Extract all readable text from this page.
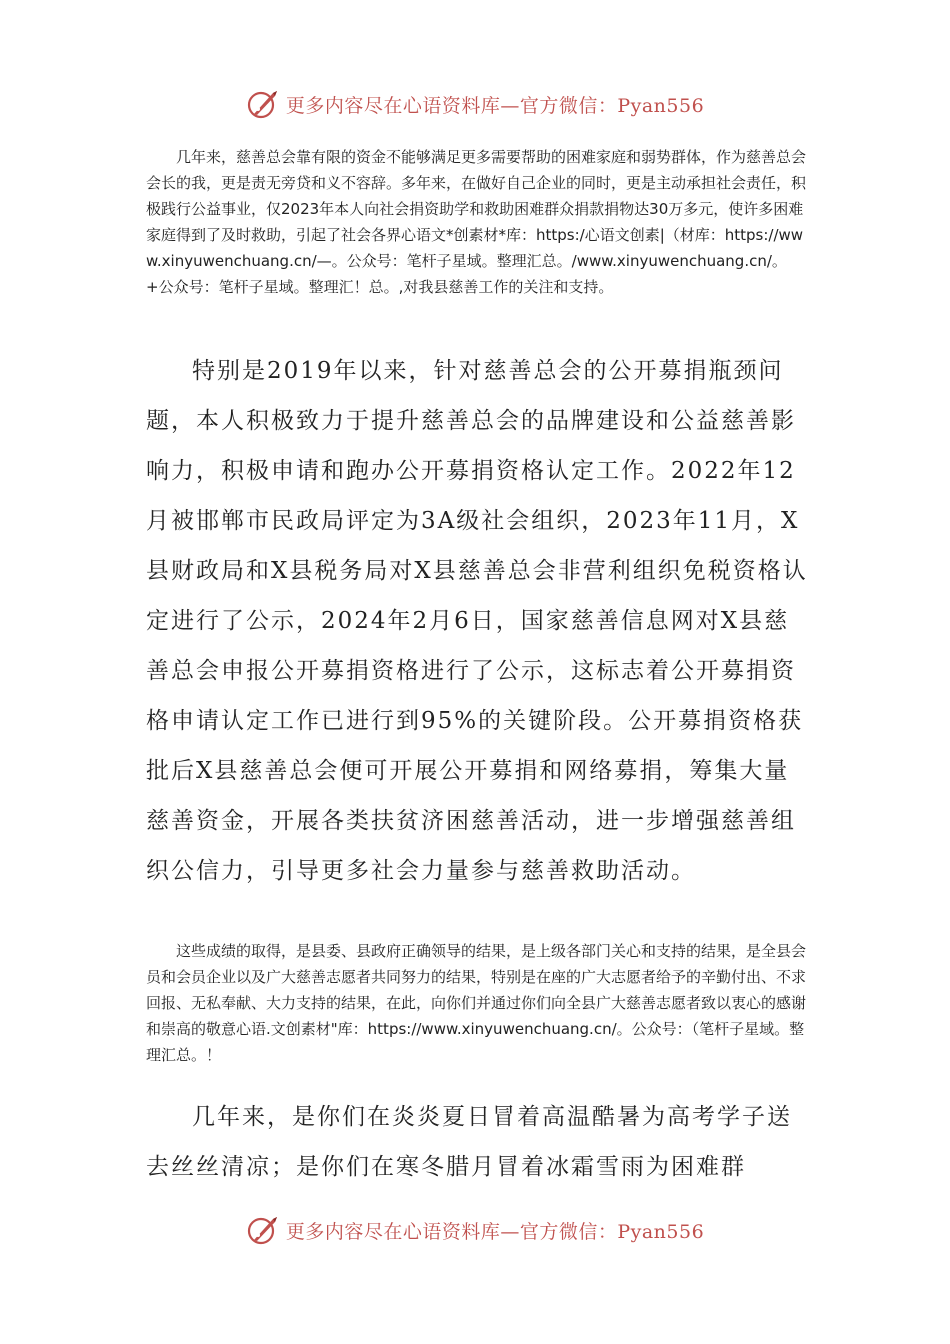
更多内容尽在心语资料库—官方微信：Pyan556

几年来，慈善总会靠有限的资金不能够满足更多需要帮助的困难家庭和弱势群体，作为慈善总会会长的我，更是责无旁贷和义不容辞。多年来，在做好自己企业的同时，更是主动承担社会责任，积极践行公益事业，仅2023年本人向社会捐资助学和救助困难群众捐款捐物达30万多元，使许多困难家庭得到了及时救助，引起了社会各界心语文*创素材*库：https:/心语文创素|（材库：https://www.xinyuwenchuang.cn/—。公众号：笔杆子星域。整理汇总。/www.xinyuwenchuang.cn/。+公众号：笔杆子星域。整理汇！总。,对我县慈善工作的关注和支持。

特别是2019年以来，针对慈善总会的公开募捐瓶颈问题，本人积极致力于提升慈善总会的品牌建设和公益慈善影响力，积极申请和跑办公开募捐资格认定工作。2022年12月被邯郸市民政局评定为3A级社会组织，2023年11月，X县财政局和X县税务局对X县慈善总会非营利组织免税资格认定进行了公示，2024年2月6日，国家慈善信息网对X县慈善总会申报公开募捐资格进行了公示，这标志着公开募捐资格申请认定工作已进行到95%的关键阶段。公开募捐资格获批后X县慈善总会便可开展公开募捐和网络募捐，筹集大量慈善资金，开展各类扶贫济困慈善活动，进一步增强慈善组织公信力，引导更多社会力量参与慈善救助活动。

这些成绩的取得，是县委、县政府正确领导的结果，是上级各部门关心和支持的结果，是全县会员和会员企业以及广大慈善志愿者共同努力的结果，特别是在座的广大志愿者给予的辛勤付出、不求回报、无私奉献、大力支持的结果，在此，向你们并通过你们向全县广大慈善志愿者致以衷心的感谢和崇高的敬意心语.文创素材"库：https://www.xinyuwenchuang.cn/。公众号：（笔杆子星域。整理汇总。！

几年来，是你们在炎炎夏日冒着高温酷暑为高考学子送去丝丝清凉；是你们在寒冬腊月冒着冰霜雪雨为困难群

更多内容尽在心语资料库—官方微信：Pyan556
